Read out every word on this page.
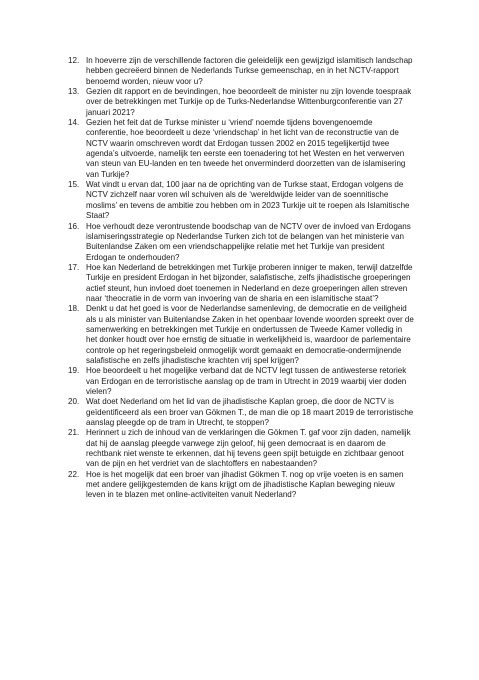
12. In hoeverre zijn de verschillende factoren die geleidelijk een gewijzigd islamitisch landschap hebben gecreëerd binnen de Nederlands Turkse gemeenschap, en in het NCTV-rapport benoemd worden, nieuw voor u?
13. Gezien dit rapport en de bevindingen, hoe beoordeelt de minister nu zijn lovende toespraak over de betrekkingen met Turkije op de Turks-Nederlandse Wittenburgconferentie van 27 januari 2021?
14. Gezien het feit dat de Turkse minister u ‘vriend’ noemde tijdens bovengenoemde conferentie, hoe beoordeelt u deze ‘vriendschap’ in het licht van de reconstructie van de NCTV waarin omschreven wordt dat Erdogan tussen 2002 en 2015 tegelijkertijd twee agenda’s uitvoerde, namelijk ten eerste een toenadering tot het Westen en het verwerven van steun van EU-landen en ten tweede het onverminderd doorzetten van de islamisering van Turkije?
15. Wat vindt u ervan dat, 100 jaar na de oprichting van de Turkse staat, Erdogan volgens de NCTV zichzelf naar voren wil schuiven als de ‘wereldwijde leider van de soennitische moslims’ en tevens de ambitie zou hebben om in 2023 Turkije uit te roepen als Islamitische Staat?
16. Hoe verhoudt deze verontrustende boodschap van de NCTV over de invloed van Erdogans islamiseringsstrategie op Nederlandse Turken zich tot de belangen van het ministerie van Buitenlandse Zaken om een vriendschappelijke relatie met het Turkije van president Erdogan te onderhouden?
17. Hoe kan Nederland de betrekkingen met Turkije proberen inniger te maken, terwijl datzelfde Turkije en president Erdogan in het bijzonder, salafistische, zelfs jihadistische groeperingen actief steunt, hun invloed doet toenemen in Nederland en deze groeperingen allen streven naar ‘theocratie in de vorm van invoering van de sharia en een islamitische staat’?
18. Denkt u dat het goed is voor de Nederlandse samenleving, de democratie en de veiligheid als u als minister van Buitenlandse Zaken in het openbaar lovende woorden spreekt over de samenwerking en betrekkingen met Turkije en ondertussen de Tweede Kamer volledig in het donker houdt over hoe ernstig de situatie in werkelijkheid is, waardoor de parlementaire controle op het regeringsbeleid onmogelijk wordt gemaakt en democratie-ondermijnende salafistische en zelfs jihadistische krachten vrij spel krijgen?
19. Hoe beoordeelt u het mogelijke verband dat de NCTV legt tussen de antiwesterse retoriek van Erdogan en de terroristische aanslag op de tram in Utrecht in 2019 waarbij vier doden vielen?
20. Wat doet Nederland om het lid van de jihadistische Kaplan groep, die door de NCTV is geïdentificeerd als een broer van Gökmen T., de man die op 18 maart 2019 de terroristische aanslag pleegde op de tram in Utrecht, te stoppen?
21. Herinnert u zich de inhoud van de verklaringen die Gökmen T. gaf voor zijn daden, namelijk dat hij de aanslag pleegde vanwege zijn geloof, hij geen democraat is en daarom de rechtbank niet wenste te erkennen, dat hij tevens geen spijt betuigde en zichtbaar genoot van de pijn en het verdriet van de slachtoffers en nabestaanden?
22. Hoe is het mogelijk dat een broer van jihadist Gökmen T. nog op vrije voeten is en samen met andere gelijkgestemden de kans krijgt om de jihadistische Kaplan beweging nieuw leven in te blazen met online-activiteiten vanuit Nederland?
